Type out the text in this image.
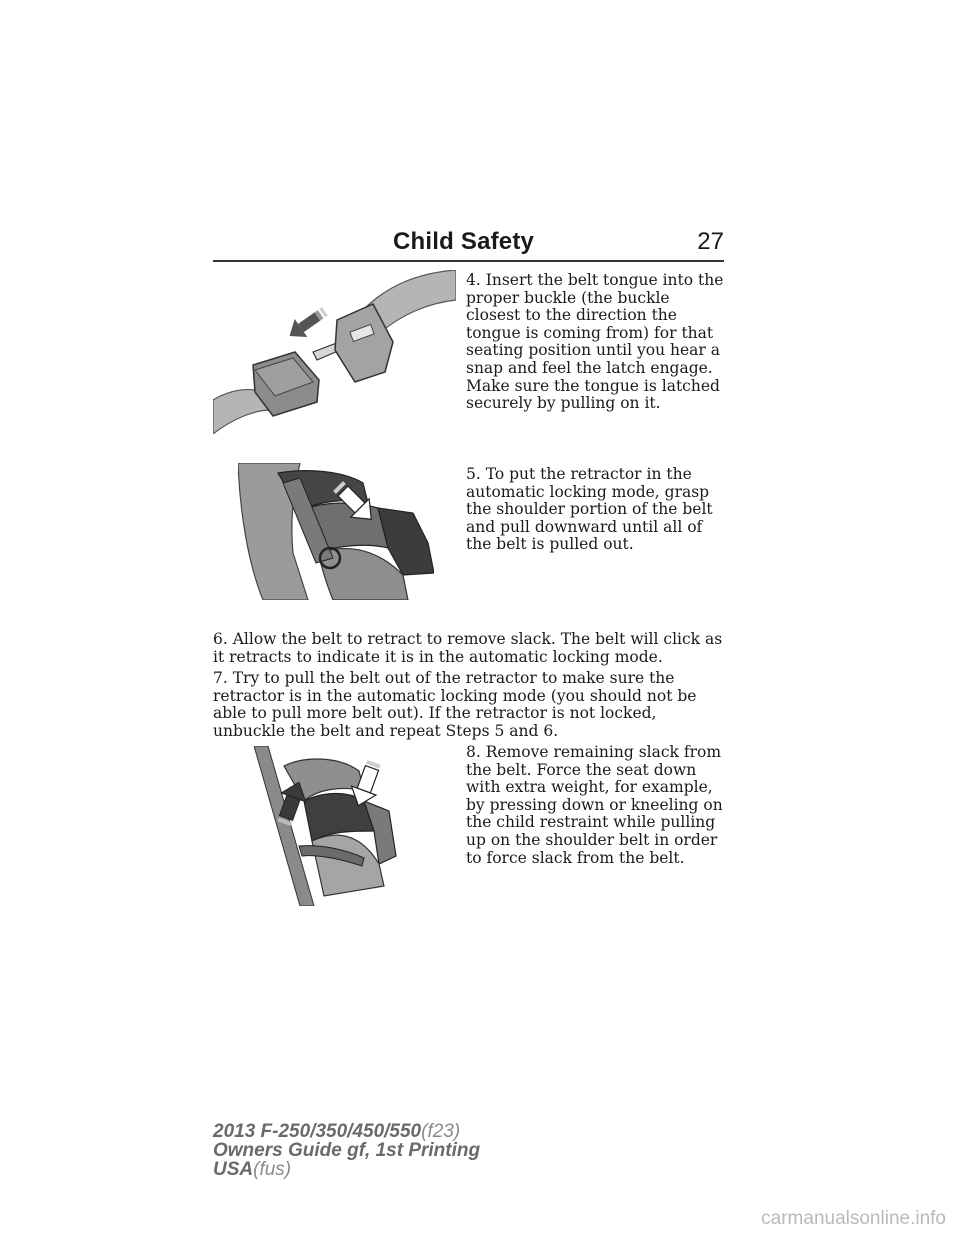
Child Safety	27

4. Insert the belt tongue into the proper buckle (the buckle closest to the direction the tongue is coming from) for that seating position until you hear a snap and feel the latch engage. Make sure the tongue is latched securely by pulling on it.

5. To put the retractor in the automatic locking mode, grasp the shoulder portion of the belt and pull downward until all of the belt is pulled out.

6. Allow the belt to retract to remove slack. The belt will click as it retracts to indicate it is in the automatic locking mode.

7. Try to pull the belt out of the retractor to make sure the retractor is in the automatic locking mode (you should not be able to pull more belt out). If the retractor is not locked, unbuckle the belt and repeat Steps 5 and 6.

8. Remove remaining slack from the belt. Force the seat down with extra weight, for example, by pressing down or kneeling on the child restraint while pulling up on the shoulder belt in order to force slack from the belt.

2013 F-250/350/450/550(f23)
Owners Guide gf, 1st Printing
USA(fus)
carmanualsonline.info
